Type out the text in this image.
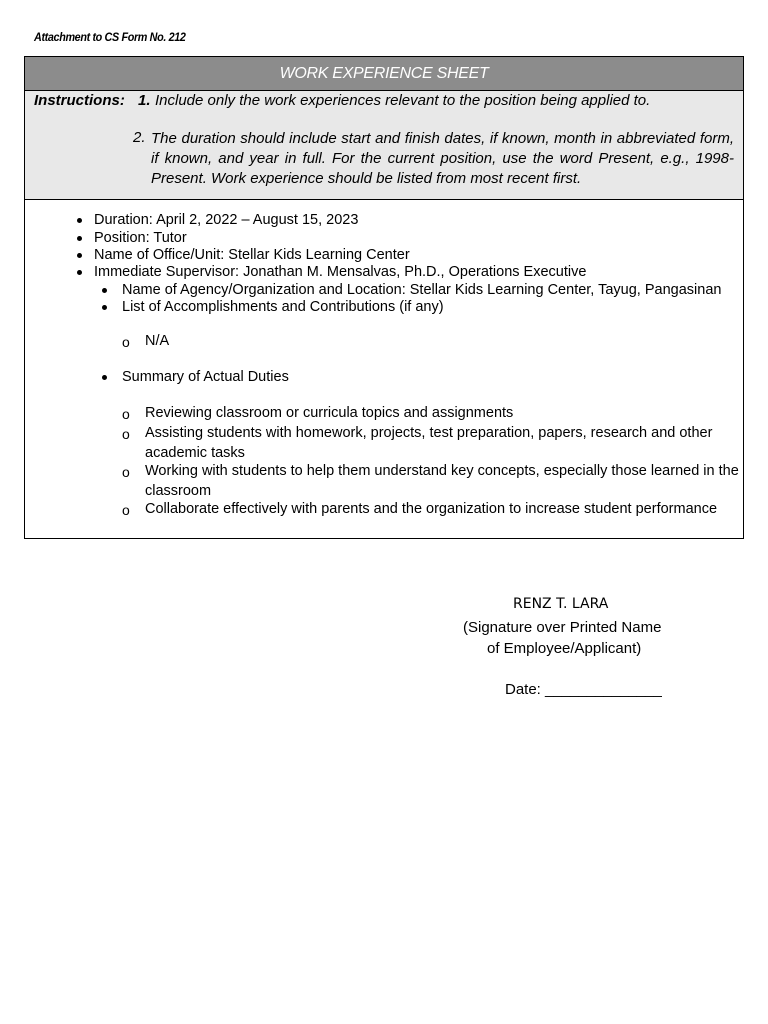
Attachment to CS Form No. 212
WORK EXPERIENCE SHEET
Instructions: 1. Include only the work experiences relevant to the position being applied to.
2. The duration should include start and finish dates, if known, month in abbreviated form, if known, and year in full. For the current position, use the word Present, e.g., 1998-Present. Work experience should be listed from most recent first.
Duration: April 2, 2022 – August 15, 2023
Position: Tutor
Name of Office/Unit: Stellar Kids Learning Center
Immediate Supervisor: Jonathan M. Mensalvas, Ph.D., Operations Executive
Name of Agency/Organization and Location: Stellar Kids Learning Center, Tayug, Pangasinan
List of Accomplishments and Contributions (if any)
o N/A
Summary of Actual Duties
o Reviewing classroom or curricula topics and assignments
o Assisting students with homework, projects, test preparation, papers, research and other
academic tasks
o Working with students to help them understand key concepts, especially those learned in the
classroom
o Collaborate effectively with parents and the organization to increase student performance
RENZ T. LARA
(Signature over Printed Name
of Employee/Applicant)
Date: ______________
